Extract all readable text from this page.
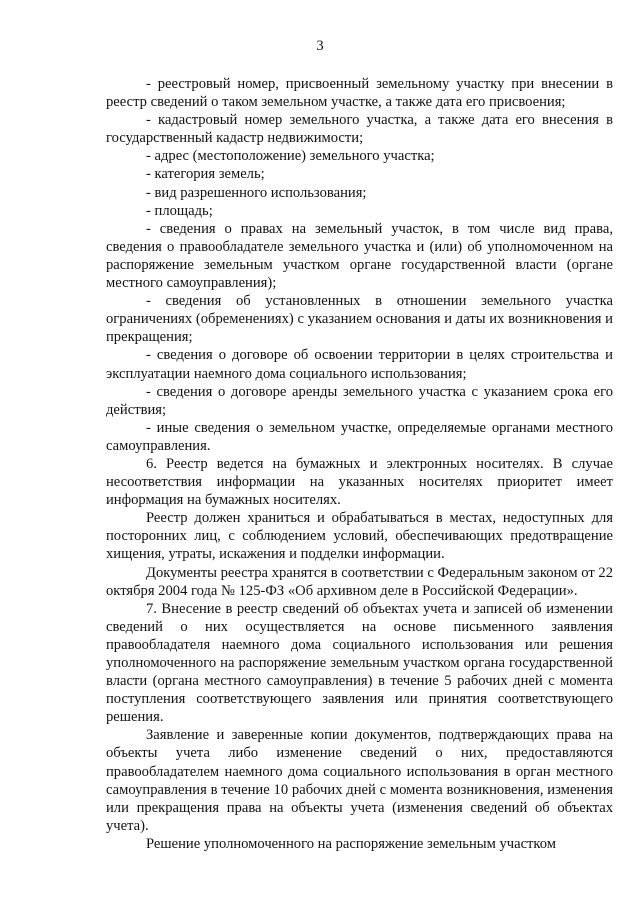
3

- реестровый номер, присвоенный земельному участку при внесении в реестр сведений о таком земельном участке, а также дата его присвоения;

- кадастровый номер земельного участка, а также дата его внесения в государственный кадастр недвижимости;

- адрес (местоположение) земельного участка;

- категория земель;

- вид разрешенного использования;

- площадь;

- сведения о правах на земельный участок, в том числе вид права, сведения о правообладателе земельного участка и (или) об уполномоченном на распоряжение земельным участком органе государственной власти (органе местного самоуправления);

- сведения об установленных в отношении земельного участка ограничениях (обременениях) с указанием основания и даты их возникновения и прекращения;

- сведения о договоре об освоении территории в целях строительства и эксплуатации наемного дома социального использования;

- сведения о договоре аренды земельного участка с указанием срока его действия;

- иные сведения о земельном участке, определяемые органами местного самоуправления.

6. Реестр ведется на бумажных и электронных носителях. В случае несоответствия информации на указанных носителях приоритет имеет информация на бумажных носителях.

Реестр должен храниться и обрабатываться в местах, недоступных для посторонних лиц, с соблюдением условий, обеспечивающих предотвращение хищения, утраты, искажения и подделки информации.

Документы реестра хранятся в соответствии с Федеральным законом от 22 октября 2004 года № 125-ФЗ «Об архивном деле в Российской Федерации».

7. Внесение в реестр сведений об объектах учета и записей об изменении сведений о них осуществляется на основе письменного заявления правообладателя наемного дома социального использования или решения уполномоченного на распоряжение земельным участком органа государственной власти (органа местного самоуправления) в течение 5 рабочих дней с момента поступления соответствующего заявления или принятия соответствующего решения.

Заявление и заверенные копии документов, подтверждающих права на объекты учета либо изменение сведений о них, предоставляются правообладателем наемного дома социального использования в орган местного самоуправления в течение 10 рабочих дней с момента возникновения, изменения или прекращения права на объекты учета (изменения сведений об объектах учета).

Решение уполномоченного на распоряжение земельным участком
